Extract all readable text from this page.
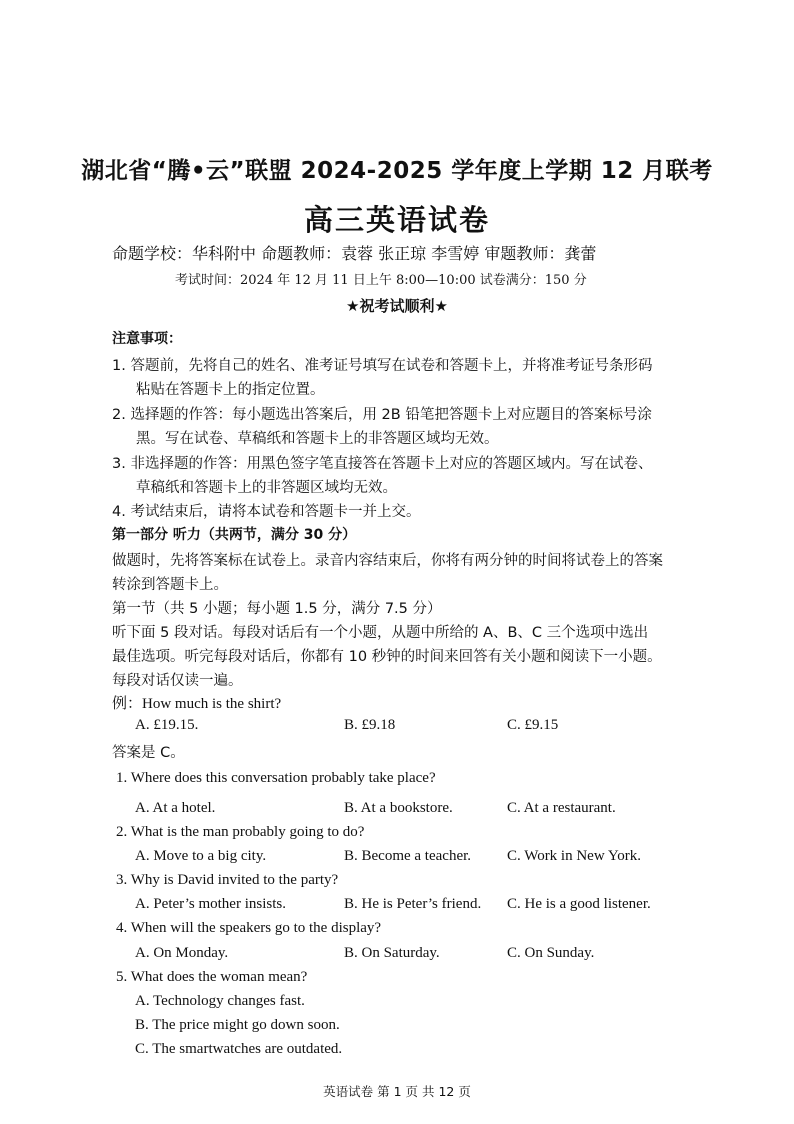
湖北省“腾•云”联盟 2024-2025 学年度上学期 12 月联考
高三英语试卷
命题学校：华科附中 命题教师：袁蓉 张正琼 李雪婷 审题教师：龚蕾
考试时间：2024 年 12 月 11 日上午 8:00—10:00 试卷满分：150 分
★祝考试顺利★
注意事项：
1. 答题前，先将自己的姓名、准考证号填写在试卷和答题卡上，并将准考证号条形码
粘贴在答题卡上的指定位置。
2. 选择题的作答：每小题选出答案后，用 2B 铅笔把答题卡上对应题目的答案标号涂
黑。写在试卷、草稿纸和答题卡上的非答题区域均无效。
3. 非选择题的作答：用黑色签字笔直接答在答题卡上对应的答题区域内。写在试卷、
草稿纸和答题卡上的非答题区域均无效。
4. 考试结束后，请将本试卷和答题卡一并上交。
第一部分 听力（共两节，满分 30 分）
做题时，先将答案标在试卷上。录音内容结束后，你将有两分钟的时间将试卷上的答案
转涂到答题卡上。
第一节（共 5 小题；每小题 1.5 分，满分 7.5 分）
听下面 5 段对话。每段对话后有一个小题，从题中所给的 A、B、C 三个选项中选出
最佳选项。听完每段对话后，你都有 10 秒钟的时间来回答有关小题和阅读下一小题。
每段对话仅读一遍。
例：How much is the shirt?
A. £19.15.	B. £9.18	C. £9.15
答案是 C。
1. Where does this conversation probably take place?
A. At a hotel.	B. At a bookstore.	C. At a restaurant.
2. What is the man probably going to do?
A. Move to a big city.	B. Become a teacher. C. Work in New York.
3. Why is David invited to the party?
A. Peter’s mother insists.	B. He is Peter’s friend. C. He is a good listener.
4. When will the speakers go to the display?
A. On Monday.	B. On Saturday.	C. On Sunday.
5. What does the woman mean?
A. Technology changes fast.
B. The price might go down soon.
C. The smartwatches are outdated.
英语试卷 第 1 页 共 12 页
